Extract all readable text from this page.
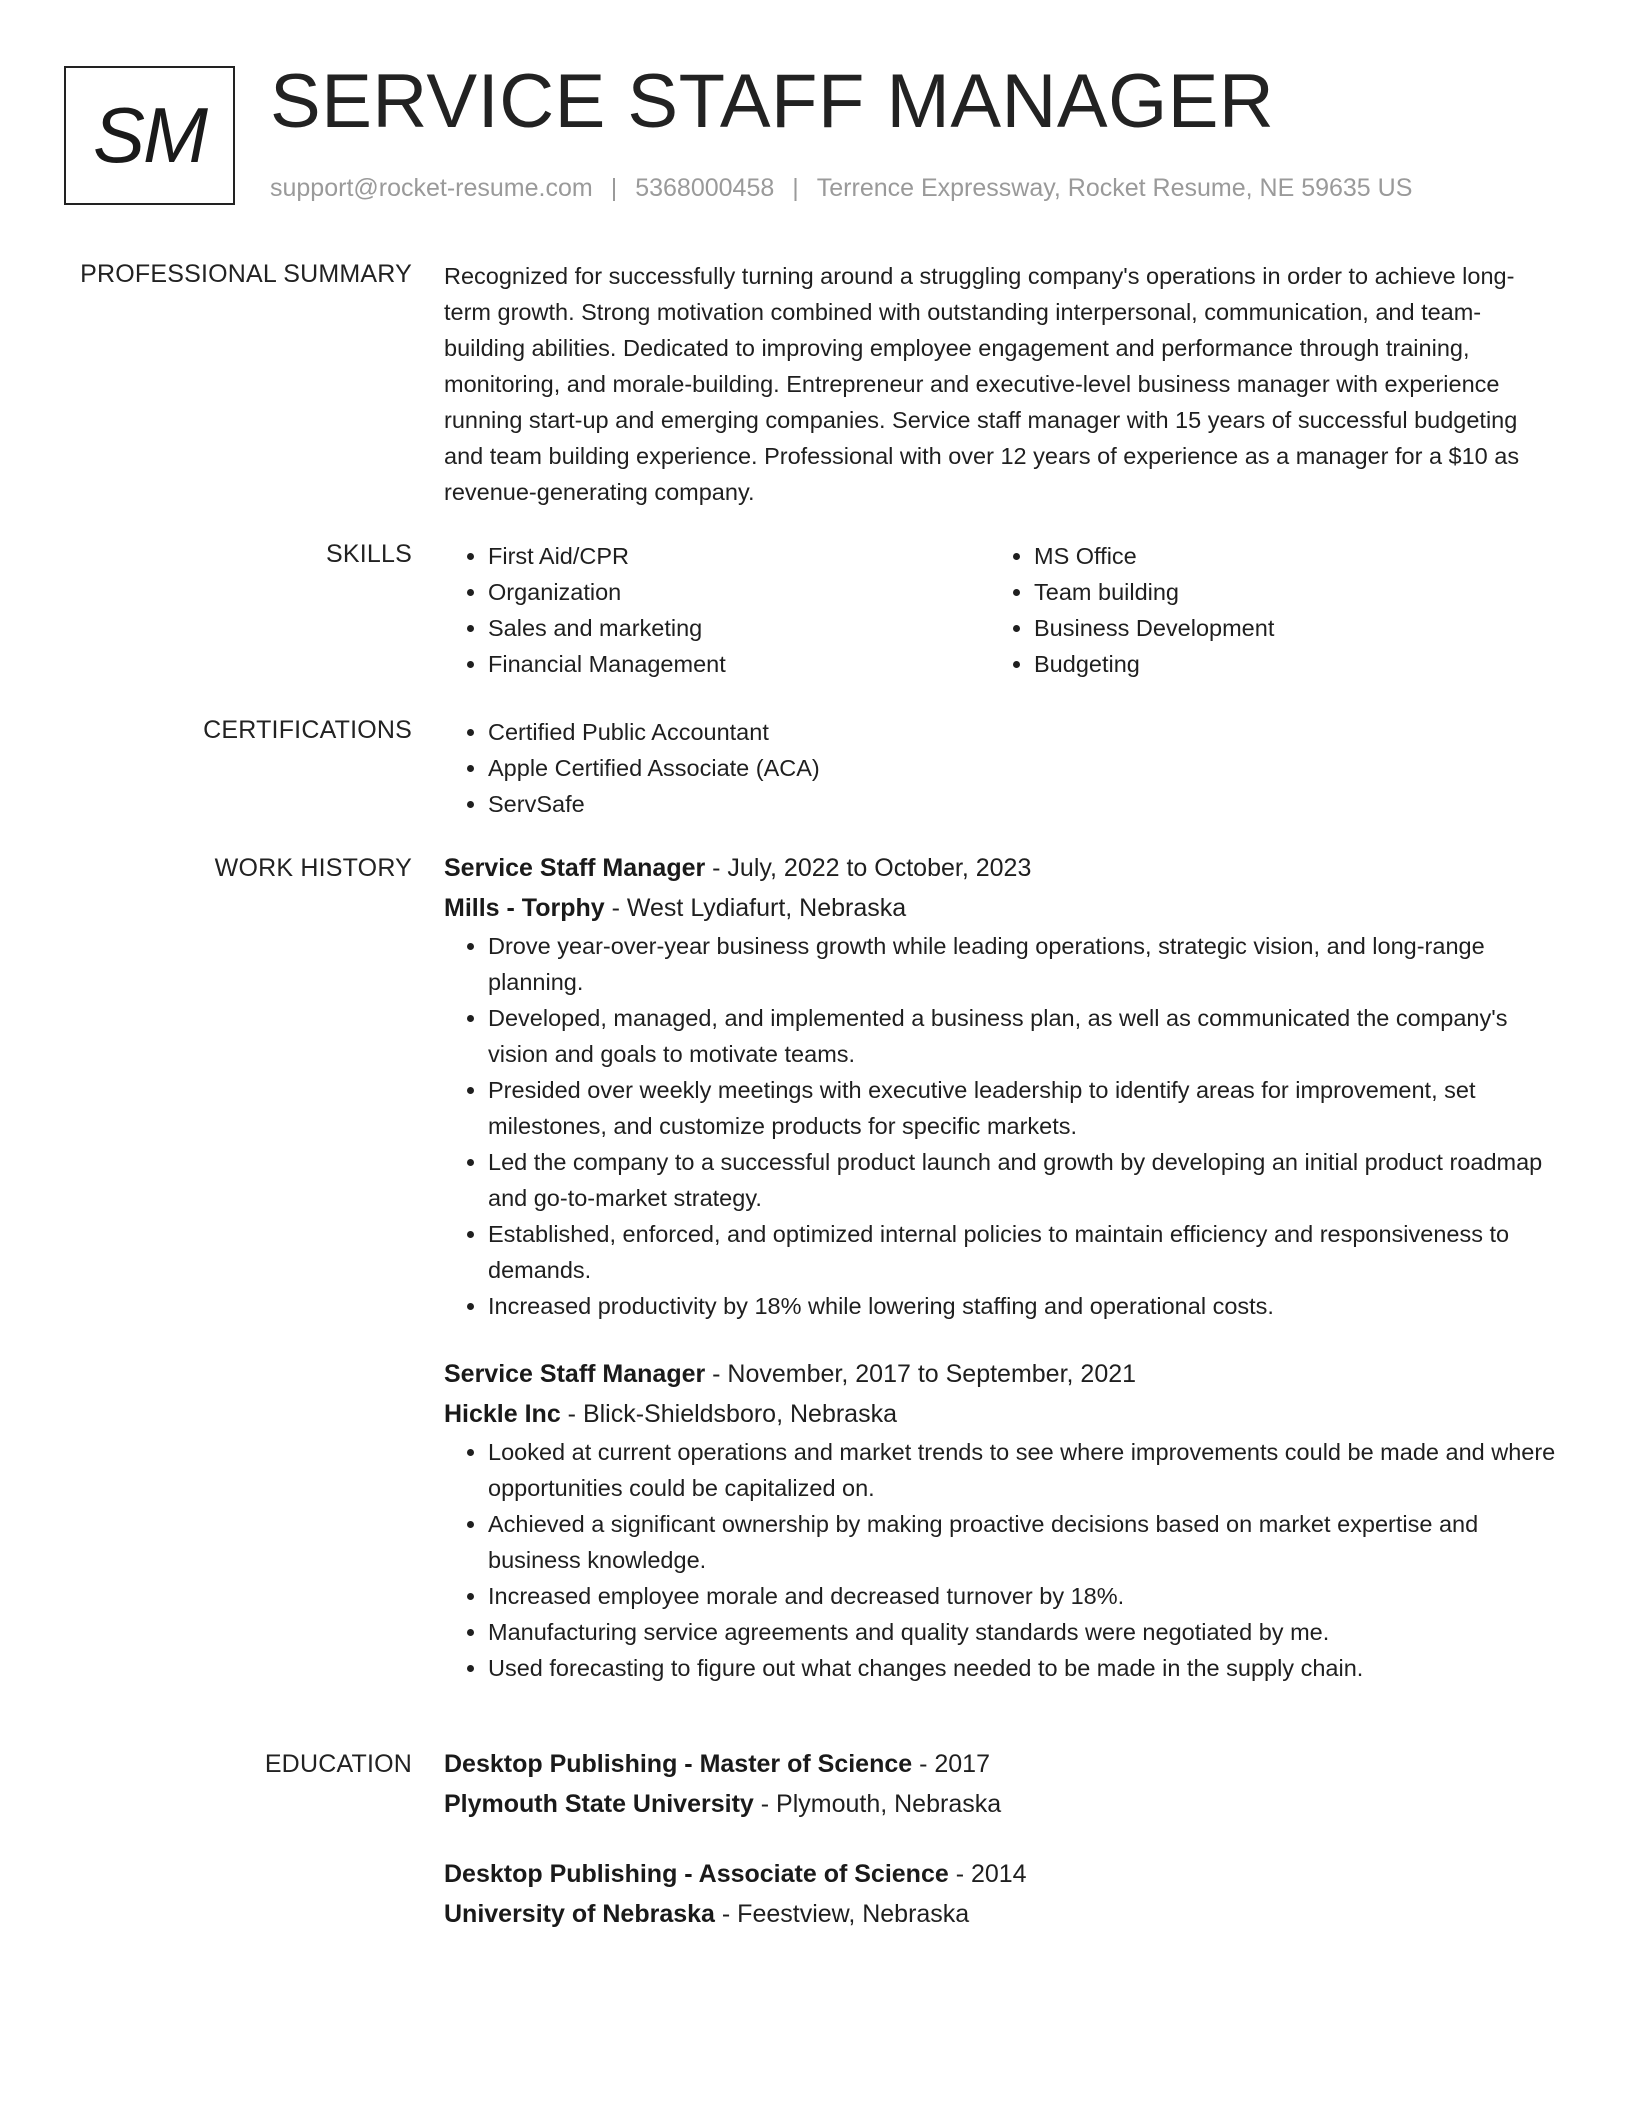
SM SERVICE STAFF MANAGER
support@rocket-resume.com | 5368000458 | Terrence Expressway, Rocket Resume, NE 59635 US
PROFESSIONAL SUMMARY Recognized for successfully turning around a struggling company's operations in order to achieve long-term growth. Strong motivation combined with outstanding interpersonal, communication, and team-building abilities. Dedicated to improving employee engagement and performance through training, monitoring, and morale-building. Entrepreneur and executive-level business manager with experience running start-up and emerging companies. Service staff manager with 15 years of successful budgeting and team building experience. Professional with over 12 years of experience as a manager for a $10 as revenue-generating company.

SKILLS	• First Aid/CPR
• Organization
• Sales and marketing
• Financial Management
• MS Office
• Team building
• Business Development
• Budgeting
CERTIFICATIONS	• Certified Public Accountant
• Apple Certified Associate (ACA)
• ServSafe
WORK HISTORY Service Staff Manager - July, 2022 to October, 2023
Mills - Torphy - West Lydiafurt, Nebraska
• Drove year-over-year business growth while leading operations, strategic vision, and long-range planning.
• Developed, managed, and implemented a business plan, as well as communicated the company's vision and goals to motivate teams.
• Presided over weekly meetings with executive leadership to identify areas for improvement, set milestones, and customize products for specific markets.
• Led the company to a successful product launch and growth by developing an initial product roadmap and go-to-market strategy.
• Established, enforced, and optimized internal policies to maintain efficiency and responsiveness to demands.
• Increased productivity by 18% while lowering staffing and operational costs.
Service Staff Manager - November, 2017 to September, 2021
Hickle Inc - Blick-Shieldsboro, Nebraska
• Looked at current operations and market trends to see where improvements could be made and where opportunities could be capitalized on.
• Achieved a significant ownership by making proactive decisions based on market expertise and business knowledge.
• Increased employee morale and decreased turnover by 18%.
• Manufacturing service agreements and quality standards were negotiated by me.
• Used forecasting to figure out what changes needed to be made in the supply chain.
EDUCATION Desktop Publishing - Master of Science - 2017
Plymouth State University - Plymouth, Nebraska
Desktop Publishing - Associate of Science - 2014
University of Nebraska - Feestview, Nebraska
